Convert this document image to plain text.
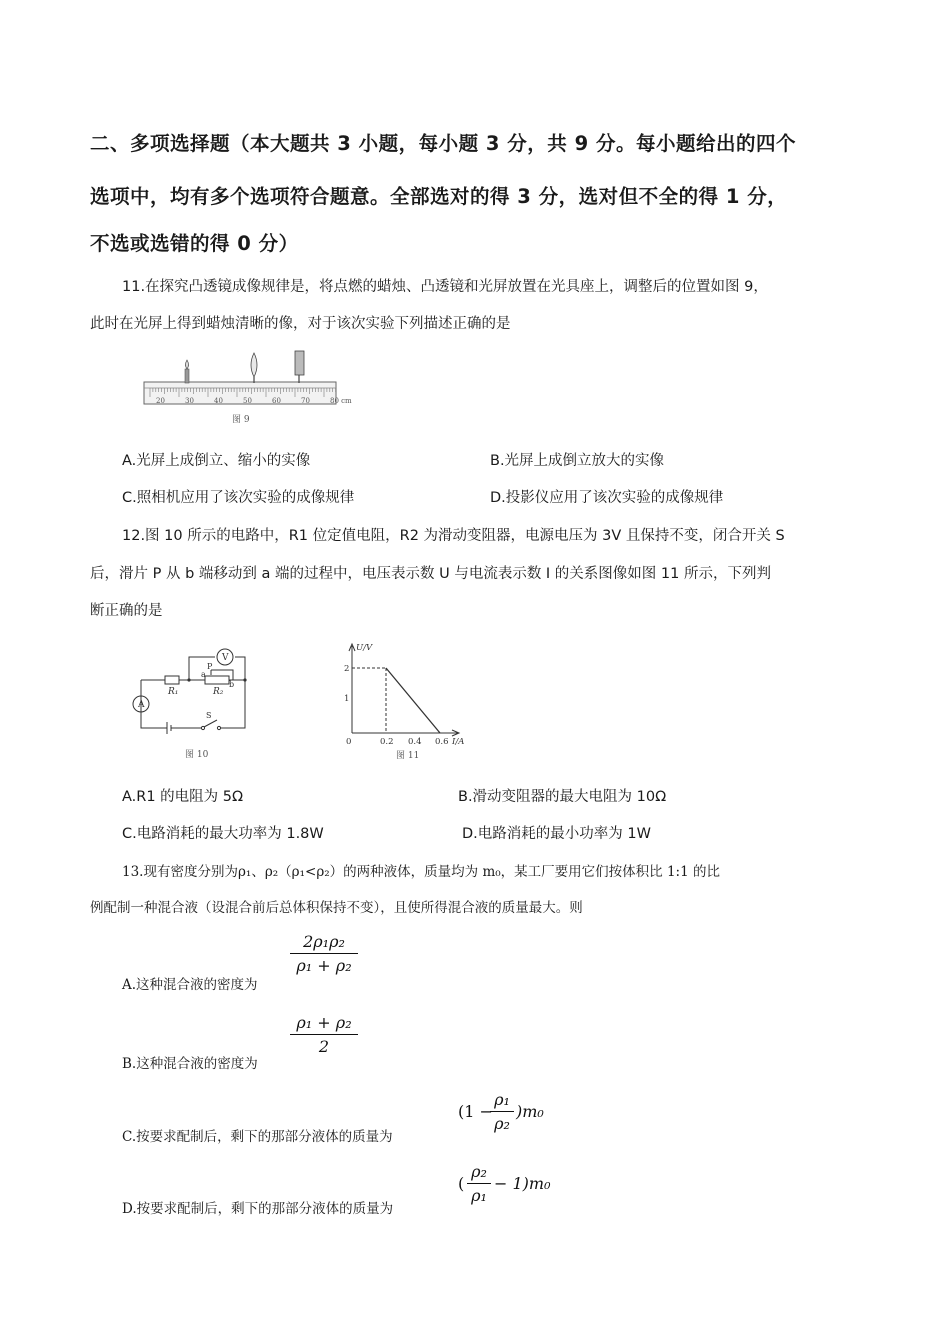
二、多项选择题（本大题共 3 小题，每小题 3 分，共 9 分。每小题给出的四个
选项中，均有多个选项符合题意。全部选对的得 3 分，选对但不全的得 1 分，
不选或选错的得 0 分）
11.在探究凸透镜成像规律是，将点燃的蜡烛、凸透镜和光屏放置在光具座上，调整后的位置如图 9，
此时在光屏上得到蜡烛清晰的像，对于该次实验下列描述正确的是
20	30	40	50	60	70	80 cm
图 9
A.光屏上成倒立、缩小的实像	B.光屏上成倒立放大的实像
C.照相机应用了该次实验的成像规律	D.投影仪应用了该次实验的成像规律
12.图 10 所示的电路中，R1 位定值电阻，R2 为滑动变阻器，电源电压为 3V 且保持不变，闭合开关 S
后，滑片 P 从 b 端移动到 a 端的过程中，电压表示数 U 与电流表示数 I 的关系图像如图 11 所示，下列判
断正确的是
V
A
R₁	R₂
P
a
b
S
图 10
U/V
2
1
0	0.2 0.4 0.6 I/A
图 11
A.R1 的电阻为 5Ω	B.滑动变阻器的最大电阻为 10Ω
C.电路消耗的最大功率为 1.8W	D.电路消耗的最小功率为 1W
13.现有密度分别为ρ₁、ρ₂（ρ₁<ρ₂）的两种液体，质量均为 m₀，某工厂要用它们按体积比 1:1 的比
例配制一种混合液（设混合前后总体积保持不变），且使所得混合液的质量最大。则
A.这种混合液的密度为
2ρ₁ρ₂
ρ₁ + ρ₂
B.这种混合液的密度为
ρ₁ + ρ₂
2
C.按要求配制后，剩下的那部分液体的质量为
(1 −
ρ₁
ρ₂
)m₀
D.按要求配制后，剩下的那部分液体的质量为
(
ρ₂
ρ₁
− 1)m₀
